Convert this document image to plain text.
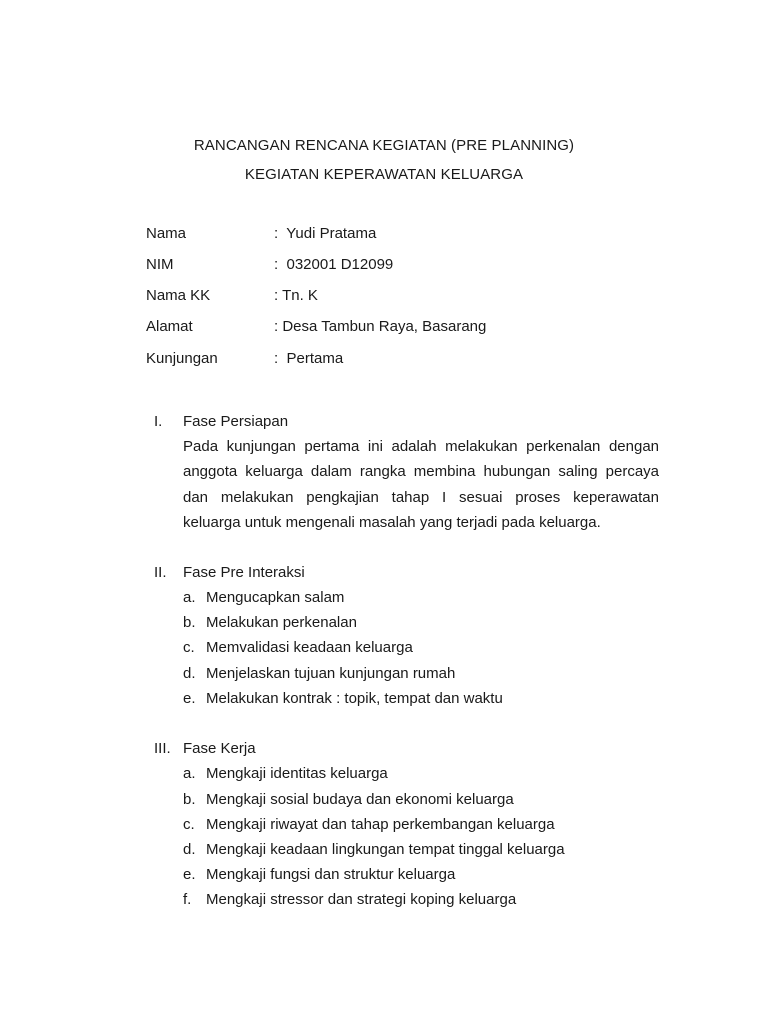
RANCANGAN RENCANA KEGIATAN (PRE PLANNING)
KEGIATAN KEPERAWATAN KELUARGA
Nama	:  Yudi Pratama
NIM	:  032001 D12099
Nama KK	: Tn. K
Alamat	: Desa Tambun Raya, Basarang
Kunjungan	:  Pertama
I. Fase Persiapan
Pada kunjungan pertama ini adalah melakukan perkenalan dengan anggota keluarga dalam rangka membina hubungan saling percaya dan melakukan pengkajian tahap I sesuai proses keperawatan keluarga untuk mengenali masalah yang terjadi pada keluarga.
II. Fase Pre Interaksi
a. Mengucapkan salam
b. Melakukan perkenalan
c. Memvalidasi keadaan keluarga
d. Menjelaskan tujuan kunjungan rumah
e. Melakukan kontrak : topik, tempat dan waktu
III. Fase Kerja
a. Mengkaji identitas keluarga
b. Mengkaji sosial budaya dan ekonomi keluarga
c. Mengkaji riwayat dan tahap perkembangan keluarga
d. Mengkaji keadaan lingkungan tempat tinggal keluarga
e. Mengkaji fungsi dan struktur keluarga
f. Mengkaji stressor dan strategi koping keluarga
